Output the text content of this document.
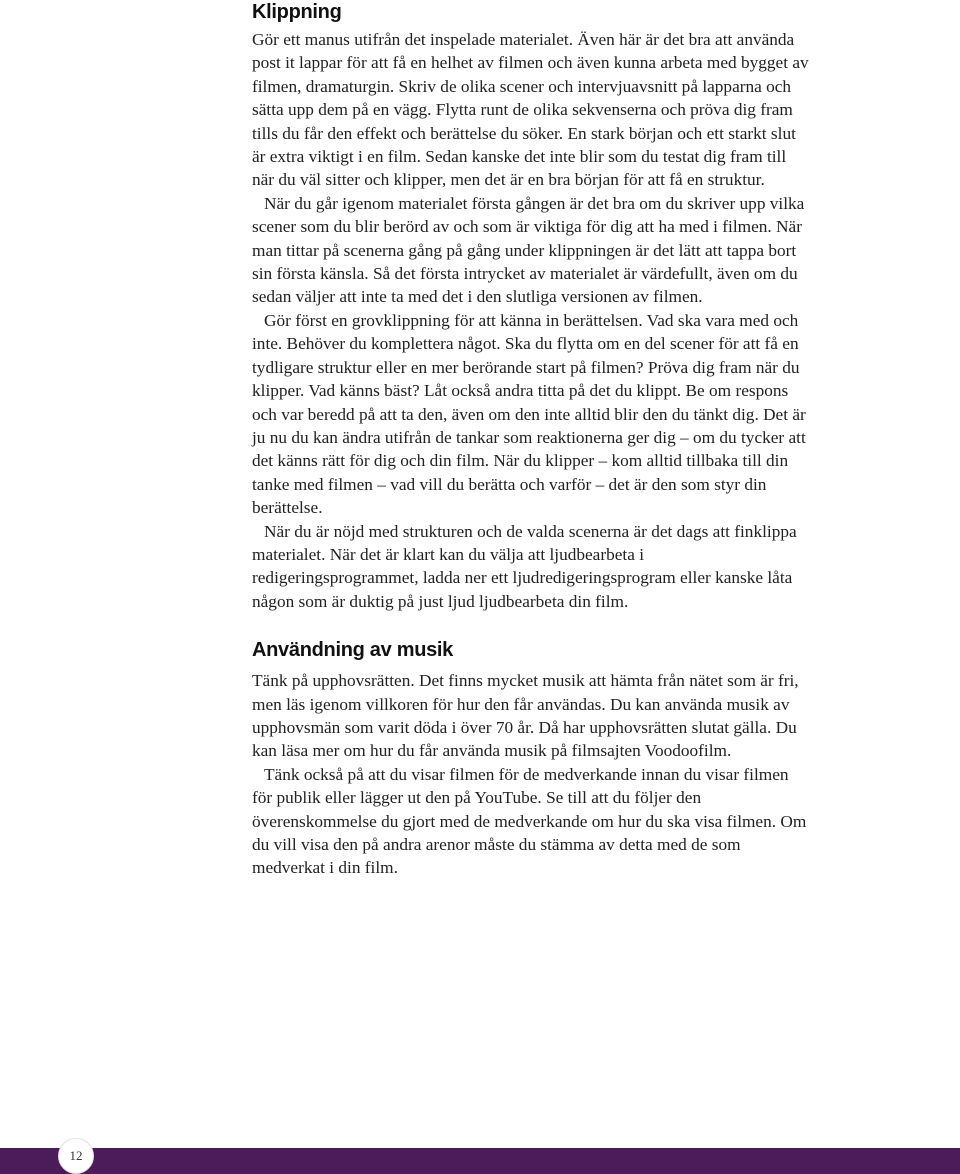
Klippning

Gör ett manus utifrån det inspelade materialet. Även här är det bra att använda post it lappar för att få en helhet av filmen och även kunna arbeta med bygget av filmen, dramaturgin. Skriv de olika scener och intervjuavsnitt på lapparna och sätta upp dem på en vägg. Flytta runt de olika sekvenserna och pröva dig fram tills du får den effekt och berättelse du söker. En stark början och ett starkt slut är extra viktigt i en film. Sedan kanske det inte blir som du testat dig fram till när du väl sitter och klipper, men det är en bra början för att få en struktur.

När du går igenom materialet första gången är det bra om du skriver upp vilka scener som du blir berörd av och som är viktiga för dig att ha med i filmen. När man tittar på scenerna gång på gång under klippningen är det lätt att tappa bort sin första känsla. Så det första intrycket av materialet är värdefullt, även om du sedan väljer att inte ta med det i den slutliga versionen av filmen.

Gör först en grovklippning för att känna in berättelsen. Vad ska vara med och inte. Behöver du komplettera något. Ska du flytta om en del scener för att få en tydligare struktur eller en mer berörande start på filmen? Pröva dig fram när du klipper. Vad känns bäst? Låt också andra titta på det du klippt. Be om respons och var beredd på att ta den, även om den inte alltid blir den du tänkt dig. Det är ju nu du kan ändra utifrån de tankar som reaktionerna ger dig – om du tycker att det känns rätt för dig och din film. När du klipper – kom alltid tillbaka till din tanke med filmen – vad vill du berätta och varför – det är den som styr din berättelse.

När du är nöjd med strukturen och de valda scenerna är det dags att finklippa materialet. När det är klart kan du välja att ljudbearbeta i redigeringsprogrammet, ladda ner ett ljudredigeringsprogram eller kanske låta någon som är duktig på just ljud ljudbearbeta din film.

Användning av musik

Tänk på upphovsrätten. Det finns mycket musik att hämta från nätet som är fri, men läs igenom villkoren för hur den får användas. Du kan använda musik av upphovsmän som varit döda i över 70 år. Då har upphovsrätten slutat gälla. Du kan läsa mer om hur du får använda musik på filmsajten Voodoofilm.

Tänk också på att du visar filmen för de medverkande innan du visar filmen för publik eller lägger ut den på YouTube. Se till att du följer den överenskommelse du gjort med de medverkande om hur du ska visa filmen. Om du vill visa den på andra arenor måste du stämma av detta med de som medverkat i din film.

12
